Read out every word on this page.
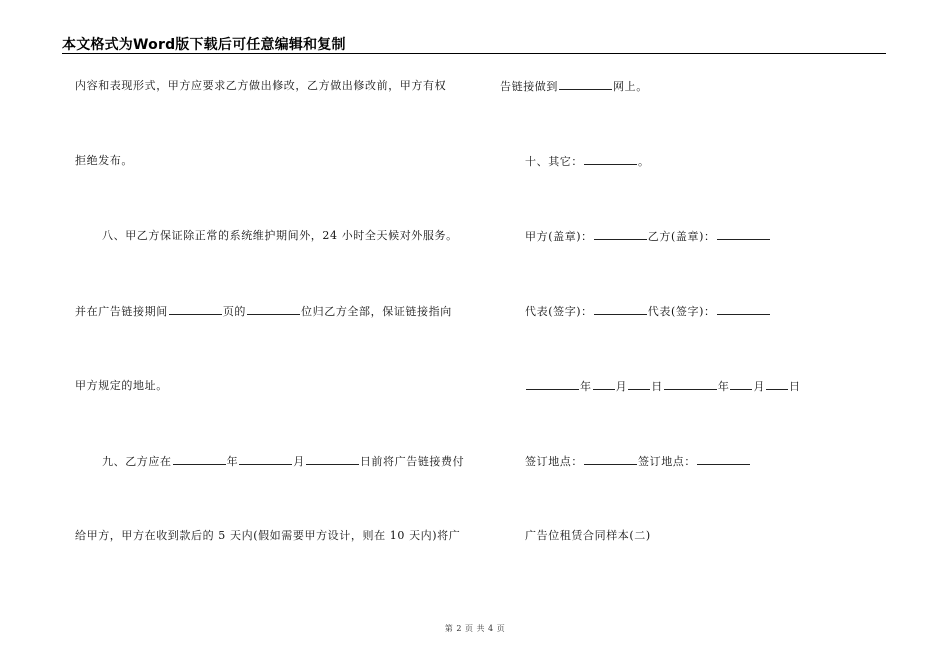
本文格式为Word版下载后可任意编辑和复制
内容和表现形式，甲方应要求乙方做出修改，乙方做出修改前，甲方有权
拒绝发布。
八、甲乙方保证除正常的系统维护期间外，24 小时全天候对外服务。
并在广告链接期间	页的	位归乙方全部，保证链接指向
甲方规定的地址。
九、乙方应在	年	月	日前将广告链接费付
给甲方，甲方在收到款后的 5 天内(假如需要甲方设计，则在 10 天内)将广
告链接做到	网上。
十、其它：	。
甲方(盖章)：	乙方(盖章)：
代表(签字)：	代表(签字)：
年 月 日	年 月 日
签订地点：	签订地点：
广告位租赁合同样本(二)
第 2 页 共 4 页
